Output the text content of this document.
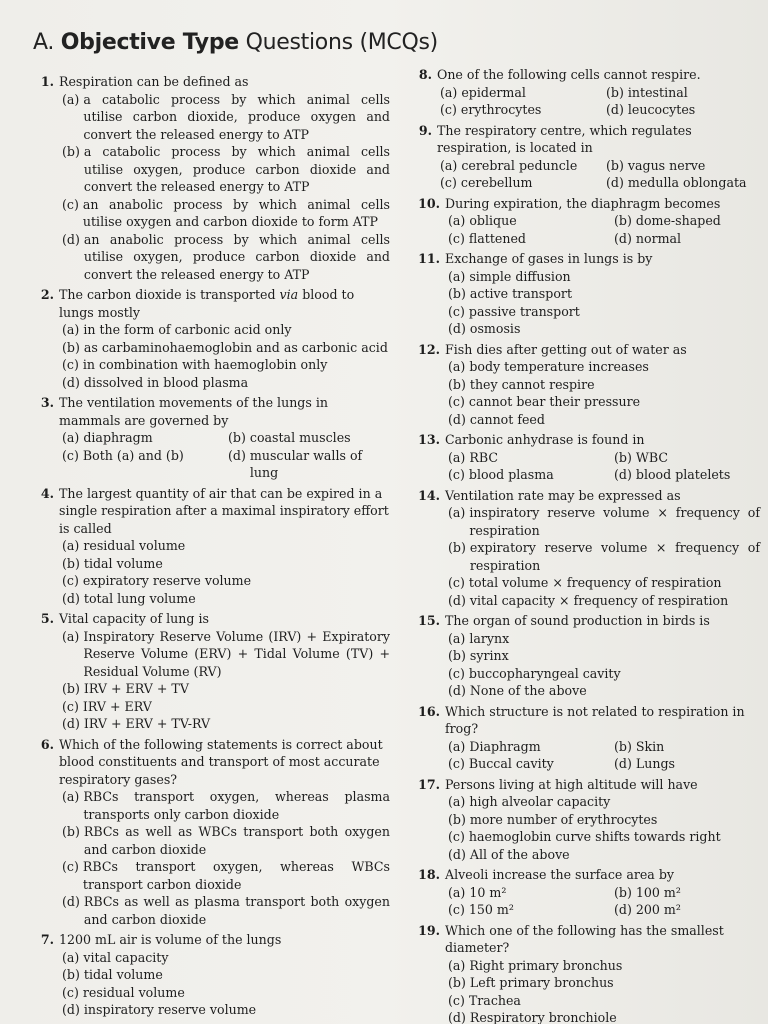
A. Objective Type Questions (MCQs)
1. Respiration can be defined as
(a) a catabolic process by which animal cells utilise carbon dioxide, produce oxygen and convert the released energy to ATP
(b) a catabolic process by which animal cells utilise oxygen, produce carbon dioxide and convert the released energy to ATP
(c) an anabolic process by which animal cells utilise oxygen and carbon dioxide to form ATP
(d) an anabolic process by which animal cells utilise oxygen, produce carbon dioxide and convert the released energy to ATP
2. The carbon dioxide is transported via blood to lungs mostly
(a) in the form of carbonic acid only
(b) as carbaminohaemoglobin and as carbonic acid
(c) in combination with haemoglobin only
(d) dissolved in blood plasma
3. The ventilation movements of the lungs in mammals are governed by
(a) diaphragm	(b) coastal muscles
(c) Both (a) and (b)	(d) muscular walls of lung
4. The largest quantity of air that can be expired in a single respiration after a maximal inspiratory effort is called
(a) residual volume
(b) tidal volume
(c) expiratory reserve volume
(d) total lung volume
5. Vital capacity of lung is
(a) Inspiratory Reserve Volume (IRV) + Expiratory Reserve Volume (ERV) + Tidal Volume (TV) + Residual Volume (RV)
(b) IRV + ERV + TV
(c) IRV + ERV
(d) IRV + ERV + TV-RV
6. Which of the following statements is correct about blood constituents and transport of most accurate respiratory gases?
(a) RBCs transport oxygen, whereas plasma transports only carbon dioxide
(b) RBCs as well as WBCs transport both oxygen and carbon dioxide
(c) RBCs transport oxygen, whereas WBCs transport carbon dioxide
(d) RBCs as well as plasma transport both oxygen and carbon dioxide
7. 1200 mL air is volume of the lungs
(a) vital capacity
(b) tidal volume
(c) residual volume
(d) inspiratory reserve volume
8. One of the following cells cannot respire.
(a) epidermal	(b) intestinal
(c) erythrocytes	(d) leucocytes
9. The respiratory centre, which regulates respiration, is located in
(a) cerebral peduncle	(b) vagus nerve
(c) cerebellum	(d) medulla oblongata
10. During expiration, the diaphragm becomes
(a) oblique	(b) dome-shaped
(c) flattened	(d) normal
11. Exchange of gases in lungs is by
(a) simple diffusion
(b) active transport
(c) passive transport
(d) osmosis
12. Fish dies after getting out of water as
(a) body temperature increases
(b) they cannot respire
(c) cannot bear their pressure
(d) cannot feed
13. Carbonic anhydrase is found in
(a) RBC	(b) WBC
(c) blood plasma	(d) blood platelets
14. Ventilation rate may be expressed as
(a) inspiratory reserve volume × frequency of respiration
(b) expiratory reserve volume × frequency of respiration
(c) total volume × frequency of respiration
(d) vital capacity × frequency of respiration
15. The organ of sound production in birds is
(a) larynx
(b) syrinx
(c) buccopharyngeal cavity
(d) None of the above
16. Which structure is not related to respiration in frog?
(a) Diaphragm	(b) Skin
(c) Buccal cavity	(d) Lungs
17. Persons living at high altitude will have
(a) high alveolar capacity
(b) more number of erythrocytes
(c) haemoglobin curve shifts towards right
(d) All of the above
18. Alveoli increase the surface area by
(a) 10 m²	(b) 100 m²
(c) 150 m²	(d) 200 m²
19. Which one of the following has the smallest diameter?
(a) Right primary bronchus
(b) Left primary bronchus
(c) Trachea
(d) Respiratory bronchiole
